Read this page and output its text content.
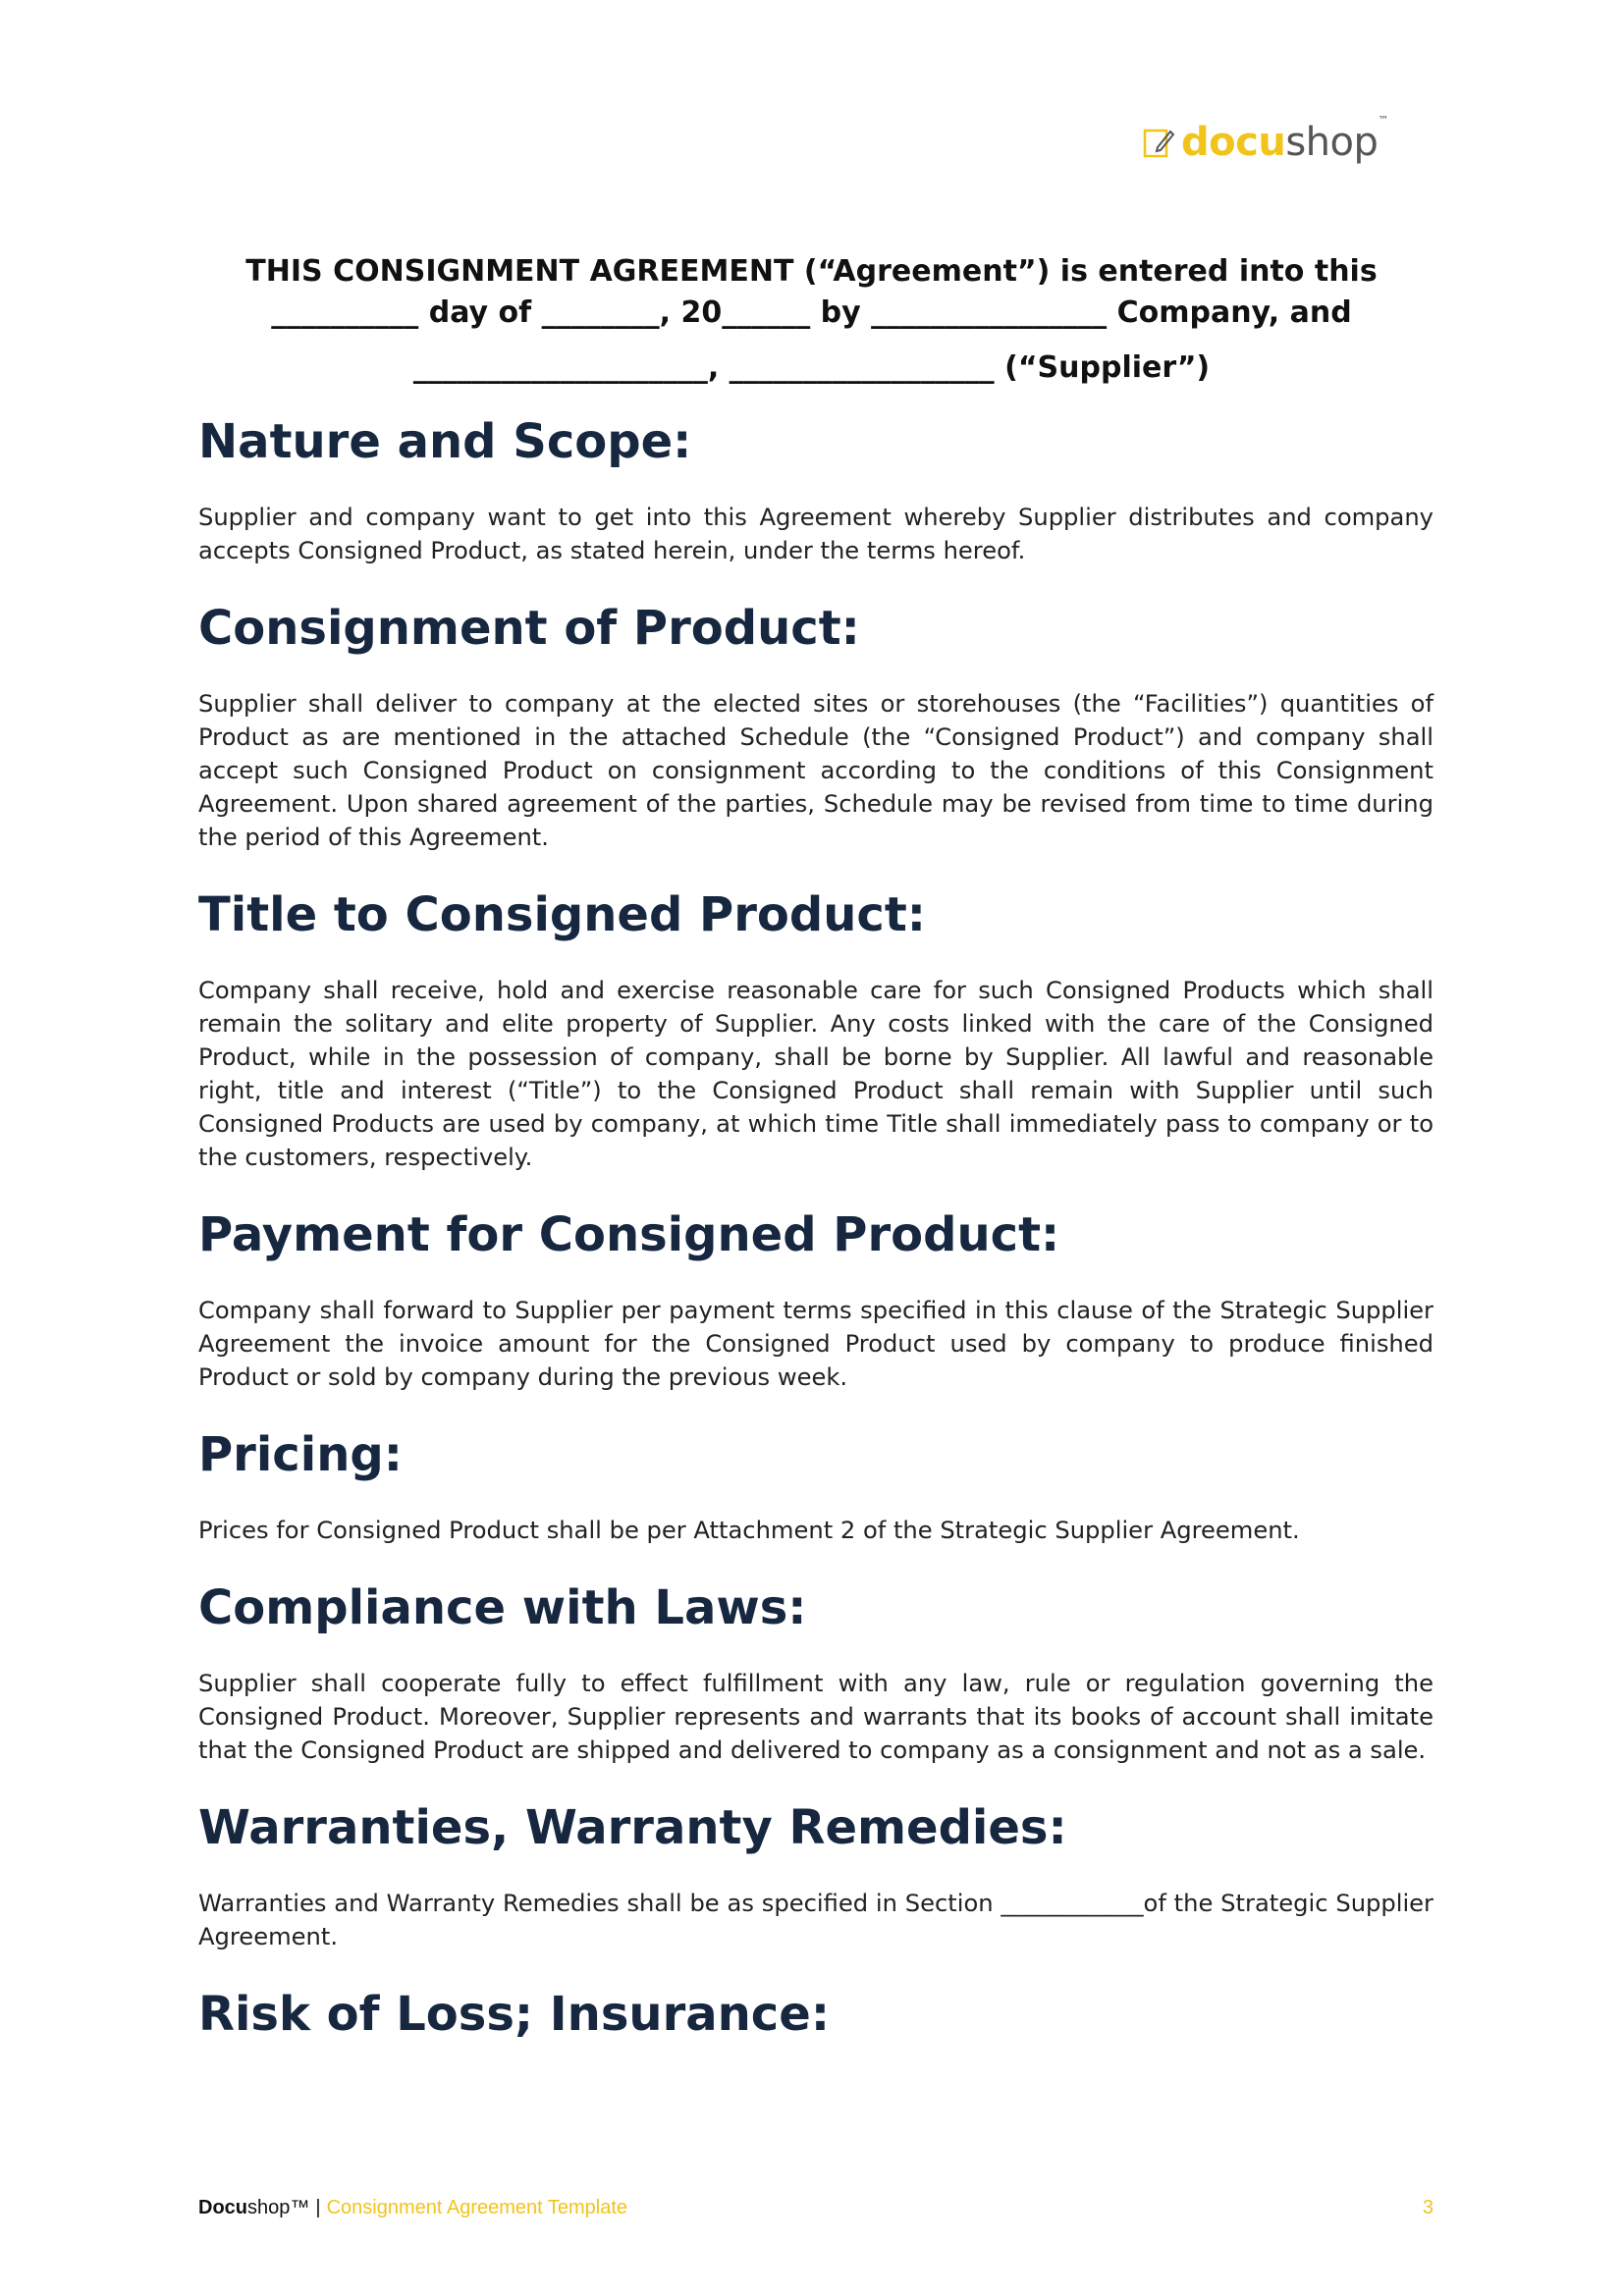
docushop™
THIS CONSIGNMENT AGREEMENT (“Agreement”) is entered into this
__________ day of ________, 20______ by ________________ Company, and
____________________, __________________ (“Supplier”)
Nature and Scope:

Supplier and company want to get into this Agreement whereby Supplier distributes and company accepts Consigned Product, as stated herein, under the terms hereof.

Consignment of Product:

Supplier shall deliver to company at the elected sites or storehouses (the “Facilities”) quantities of Product as are mentioned in the attached Schedule (the “Consigned Product”) and company shall accept such Consigned Product on consignment according to the conditions of this Consignment Agreement. Upon shared agreement of the parties, Schedule may be revised from time to time during the period of this Agreement.

Title to Consigned Product:

Company shall receive, hold and exercise reasonable care for such Consigned Products which shall remain the solitary and elite property of Supplier. Any costs linked with the care of the Consigned Product, while in the possession of company, shall be borne by Supplier. All lawful and reasonable right, title and interest (“Title”) to the Consigned Product shall remain with Supplier until such Consigned Products are used by company, at which time Title shall immediately pass to company or to the customers, respectively.

Payment for Consigned Product:

Company shall forward to Supplier per payment terms specified in this clause of the Strategic Supplier Agreement the invoice amount for the Consigned Product used by company to produce finished Product or sold by company during the previous week.

Pricing:

Prices for Consigned Product shall be per Attachment 2 of the Strategic Supplier Agreement.

Compliance with Laws:

Supplier shall cooperate fully to effect fulfillment with any law, rule or regulation governing the Consigned Product. Moreover, Supplier represents and warrants that its books of account shall imitate that the Consigned Product are shipped and delivered to company as a consignment and not as a sale.

Warranties, Warranty Remedies:

Warranties and Warranty Remedies shall be as specified in Section ____________of the Strategic Supplier Agreement.

Risk of Loss; Insurance:
Docushop™ | Consignment Agreement Template	3
